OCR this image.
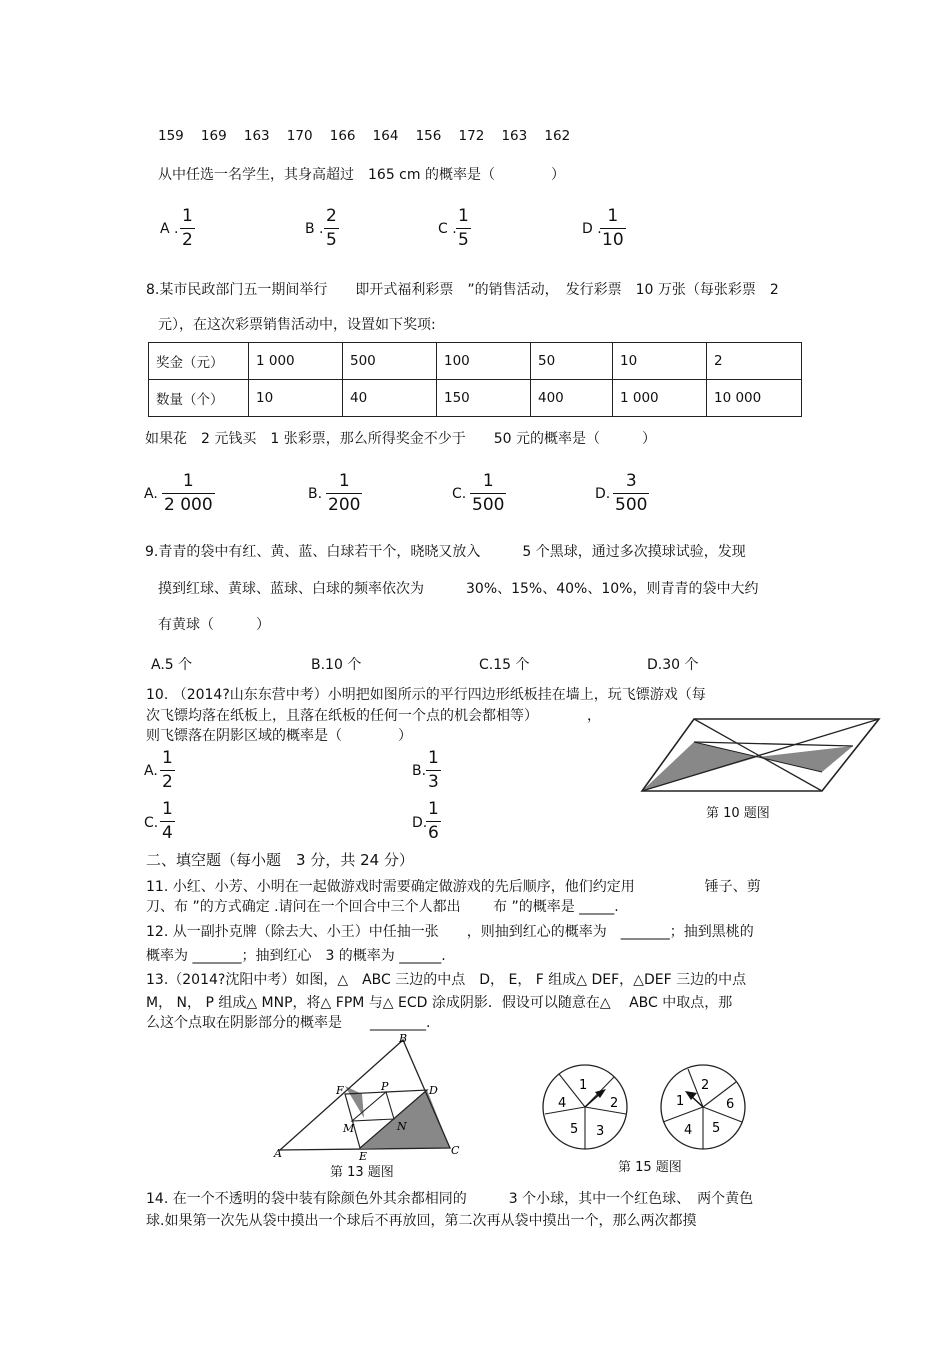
159    169    163    170    166    164    156    172    163    162
从中任选一名学生，其身高超过　165 cm 的概率是（　　　　）
A . $\frac{1}{2}$	B . $\frac{2}{5}$	C . $\frac{1}{5}$	D .
$\frac{1}{10}$
8.某市民政部门五一期间举行　　即开式福利彩票　”的销售活动，　发行彩票　10 万张（每张彩票　2
元），在这次彩票销售活动中，设置如下奖项:
奖金（元）	1 000	500	100	50	10	2
数量（个）	10	40	150	400	1 000	10 000
如果花　2 元钱买　1 张彩票，那么所得奖金不少于　　50 元的概率是（　　　）
A. $\frac{1}{2 000}$	B. $\frac{1}{200}$	C. $\frac{1}{500}$	D. $\frac{3}{500}$
9.青青的袋中有红、黄、蓝、白球若干个，晓晓又放入　　　5 个黑球，通过多次摸球试验，发现
摸到红球、黄球、蓝球、白球的频率依次为　　　30%、15%、40%、10%，则青青的袋中大约
有黄球（　　　）
A.5 个	B.10 个	C.15 个	D.30 个
10. （2014?山东东营中考）小明把如图所示的平行四边形纸板挂在墙上，玩飞镖游戏（每
次飞镖均落在纸板上，且落在纸板的任何一个点的机会都相等）　　　　，
则飞镖落在阴影区域的概率是（　　　　）
A. $\frac{1}{2}$	B. $\frac{1}{3}$
C. $\frac{1}{4}$	D.
$\frac{1}{6}$	第 10 题图
二、填空题（每小题　3 分，共 24 分）
11. 小红、小芳、小明在一起做游戏时需要确定做游戏的先后顺序，他们约定用　　　　　锤子、剪
刀、布 ”的方式确定 .请问在一个回合中三个人都出　　 布 ”的概率是 _____.
12. 从一副扑克牌（除去大、小王）中任抽一张　　，则抽到红心的概率为　_______；抽到黑桃的
概率为 _______；抽到红心　3 的概率为 ______.
13.（2014?沈阳中考）如图，△　ABC 三边的中点　D， E， F 组成△ DEF，△DEF 三边的中点
M， N， P 组成△ MNP，将△ FPM 与△ ECD 涂成阴影．假设可以随意在△　 ABC 中取点，那
么这个点取在阴影部分的概率是　　________.
A
B
C
D
E
F
M	N
P
第 13 题图
1
2
3
5
4
2
6
5
4
1
第 15 题图
14. 在一个不透明的袋中装有除颜色外其余都相同的　　　3 个小球，其中一个红色球、　两个黄色
球.如果第一次先从袋中摸出一个球后不再放回，第二次再从袋中摸出一个，那么两次都摸
